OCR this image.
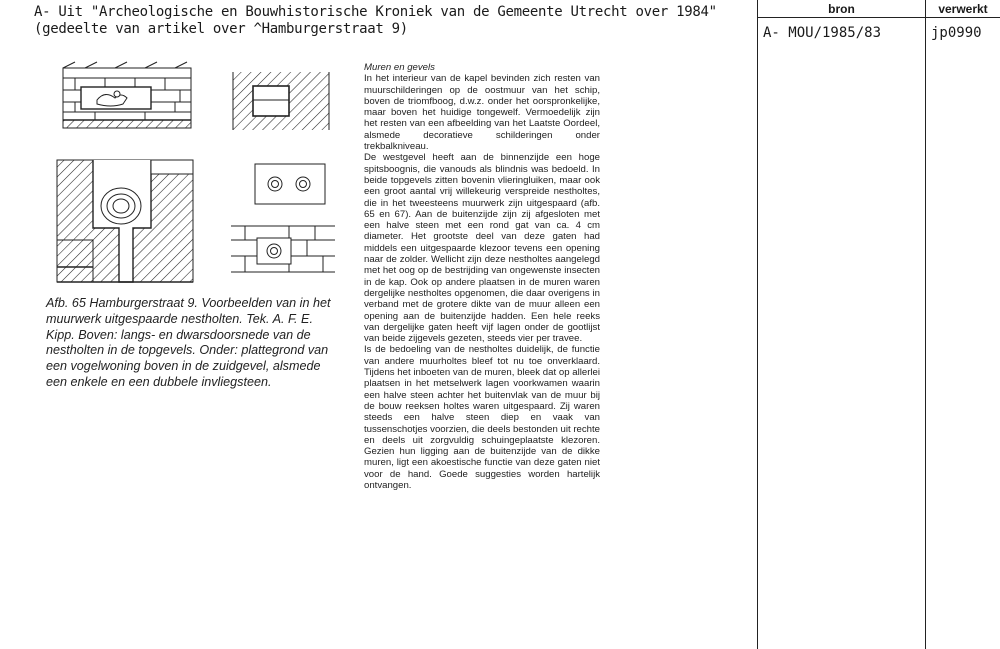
A- Uit "Archeologische en Bouwhistorische Kroniek van de Gemeente Utrecht over 1984"
(gedeelte van artikel over ^Hamburgerstraat 9)
bron	verwerkt
A- MOU/1985/83	jp0990
Afb. 65 Hamburgerstraat 9. Voorbeelden van in het muurwerk uitgespaarde nestholten. Tek. A. F. E. Kipp. Boven: langs- en dwarsdoorsnede van de nestholten in de topgevels. Onder: plattegrond van een vogelwoning boven in de zuidgevel, alsmede een enkele en een dubbele invliegsteen.
Muren en gevels

In het interieur van de kapel bevinden zich resten van muurschilderingen op de oostmuur van het schip, boven de triomfboog, d.w.z. onder het oorspronkelijke, maar boven het huidige tongewelf. Vermoedelijk zijn het resten van een afbeelding van het Laatste Oordeel, alsmede decoratieve schilderingen onder trekbalkniveau.

De westgevel heeft aan de binnenzijde een hoge spitsboognis, die vanouds als blindnis was bedoeld. In beide topgevels zitten bovenin vlieringluiken, maar ook een groot aantal vrij willekeurig verspreide nestholtes, die in het tweesteens muurwerk zijn uitgespaard (afb. 65 en 67). Aan de buitenzijde zijn zij afgesloten met een halve steen met een rond gat van ca. 4 cm diameter. Het grootste deel van deze gaten had middels een uitgespaarde klezoor tevens een opening naar de zolder. Wellicht zijn deze nestholtes aangelegd met het oog op de bestrijding van ongewenste insecten in de kap. Ook op andere plaatsen in de muren waren dergelijke nestholtes opgenomen, die daar overigens in verband met de grotere dikte van de muur alleen een opening aan de buitenzijde hadden. Een hele reeks van dergelijke gaten heeft vijf lagen onder de gootlijst van beide zijgevels gezeten, steeds vier per travee.

Is de bedoeling van de nestholtes duidelijk, de functie van andere muurholtes bleef tot nu toe onverklaard. Tijdens het inboeten van de muren, bleek dat op allerlei plaatsen in het metselwerk lagen voorkwamen waarin een halve steen achter het buitenvlak van de muur bij de bouw reeksen holtes waren uitgespaard. Zij waren steeds een halve steen diep en vaak van tussenschotjes voorzien, die deels bestonden uit rechte en deels uit zorgvuldig schuingeplaatste klezoren. Gezien hun ligging aan de buitenzijde van de dikke muren, ligt een akoestische functie van deze gaten niet voor de hand. Goede suggesties worden hartelijk ontvangen.
